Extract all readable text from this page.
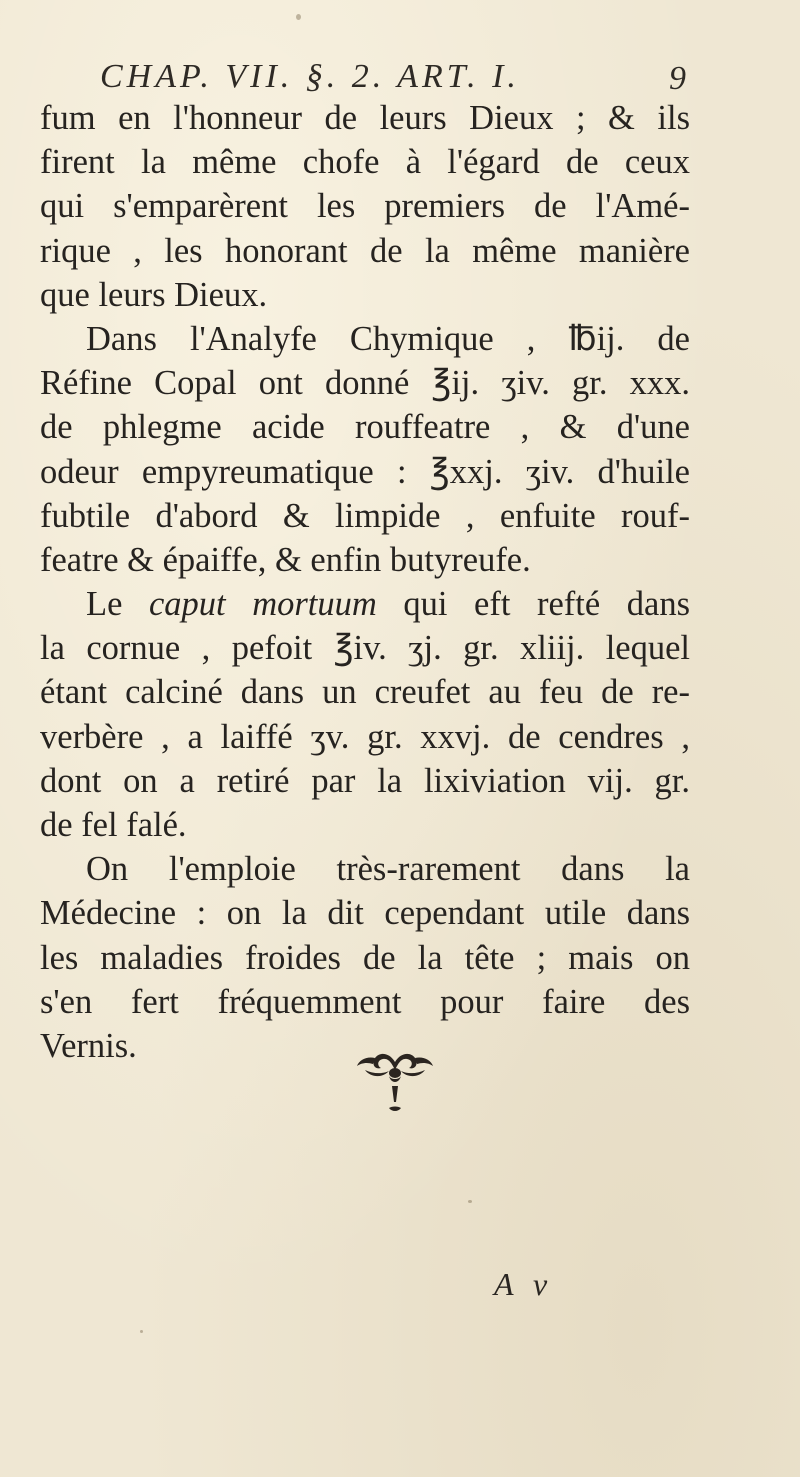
CHAP. VII. §. 2. ART. I.	9
fum en l'honneur de leurs Dieux ; & ils
firent la même chofe à l'égard de ceux
qui s'emparèrent les premiers de l'Amé-
rique , les honorant de la même manière
que leurs Dieux.
Dans l'Analyfe Chymique , ℔ij. de
Réfine Copal ont donné ℥ij. ʒiv. gr. xxx.
de phlegme acide rouffeatre , & d'une
odeur empyreumatique : ℥xxj. ʒiv. d'huile
fubtile d'abord & limpide , enfuite rouf-
featre & épaiffe, & enfin butyreufe.
Le caput mortuum qui eft refté dans
la cornue , pefoit ℥iv. ʒj. gr. xliij. lequel
étant calciné dans un creufet au feu de re-
verbère , a laiffé ʒv. gr. xxvj. de cendres ,
dont on a retiré par la lixiviation vij. gr.
de fel falé.
On l'emploie très-rarement dans la
Médecine : on la dit cependant utile dans
les maladies froides de la tête ; mais on
s'en fert fréquemment pour faire des
Vernis.
A v
